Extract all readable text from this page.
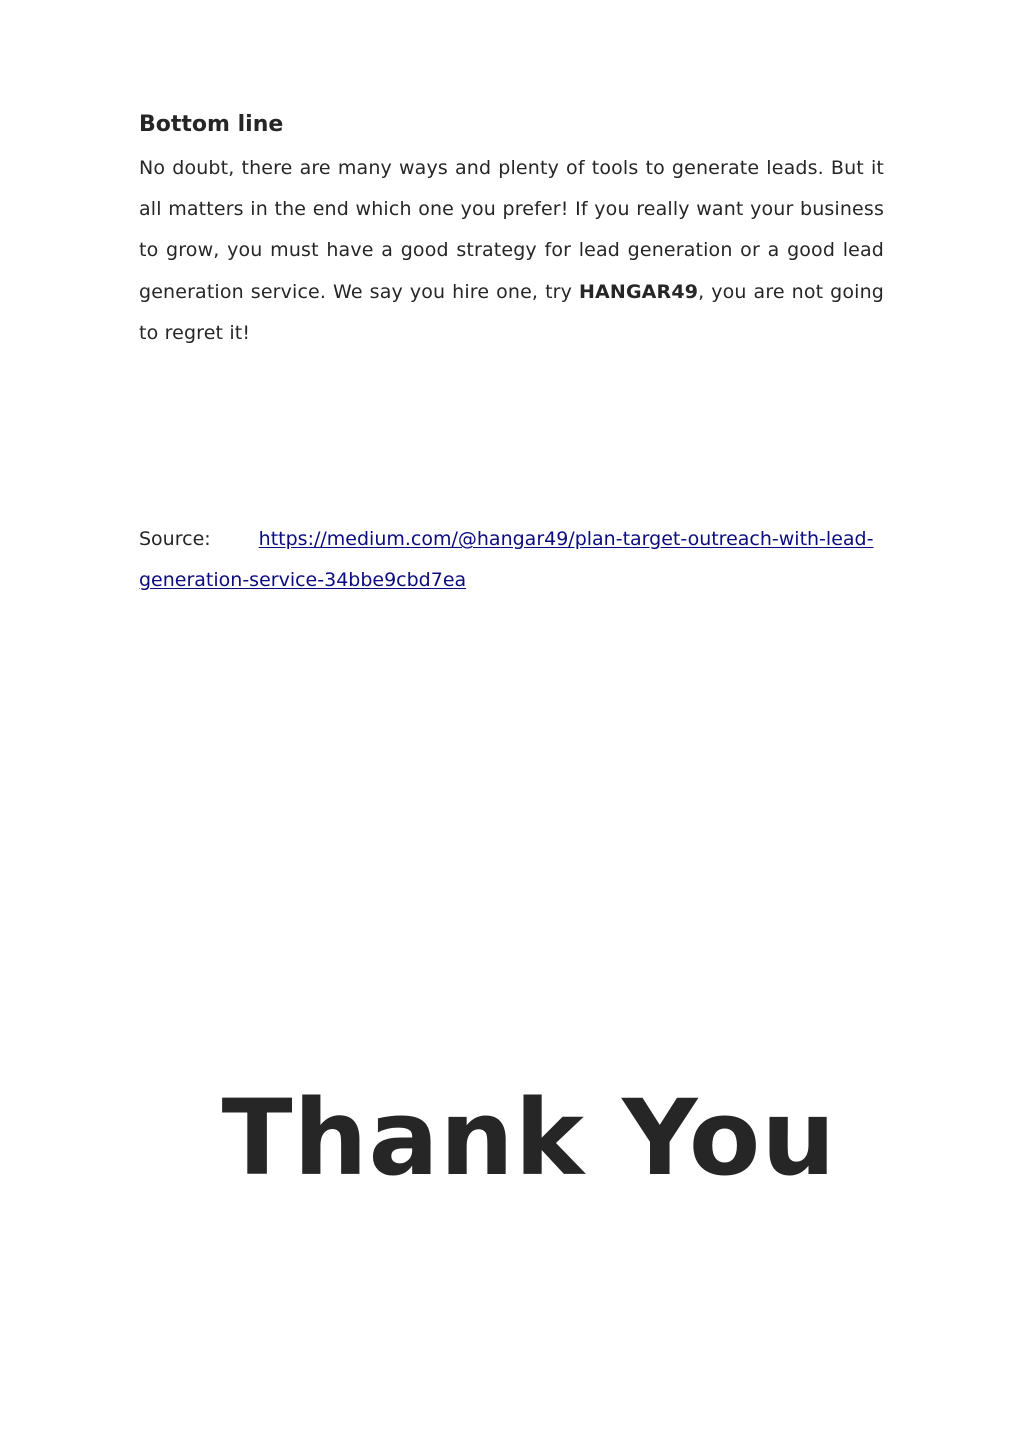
Bottom line

No doubt, there are many ways and plenty of tools to generate leads. But it all matters in the end which one you prefer! If you really want your business to grow, you must have a good strategy for lead generation or a good lead generation service. We say you hire one, try HANGAR49, you are not going to regret it!

Source:	https://medium.com/@hangar49/plan-target-outreach-with-lead-generation-service-34bbe9cbd7ea

Thank You
